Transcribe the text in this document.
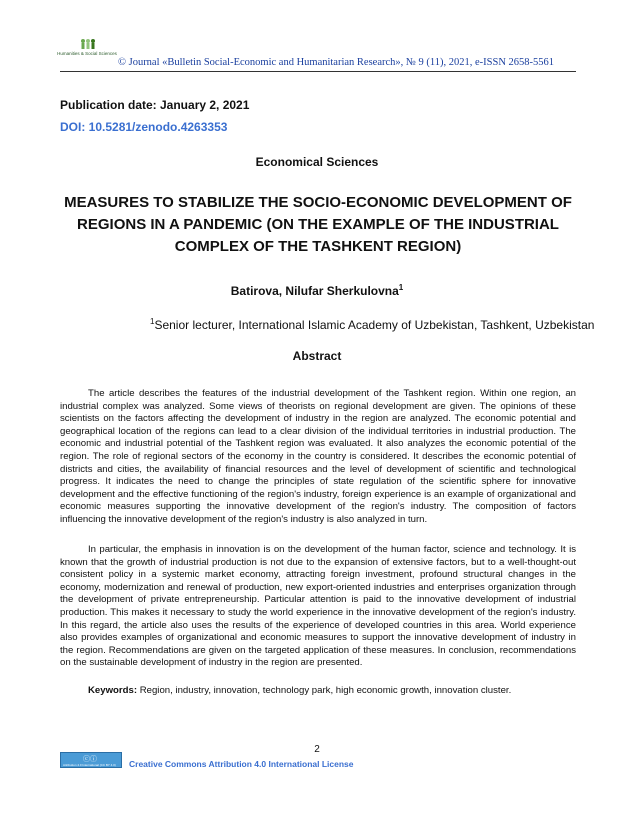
Humanities & Social Sciences
© Journal «Bulletin Social-Economic and Humanitarian Research», № 9 (11), 2021, e-ISSN 2658-5561
Publication date: January 2, 2021
DOI: 10.5281/zenodo.4263353
Economical Sciences
MEASURES TO STABILIZE THE SOCIO-ECONOMIC DEVELOPMENT OF REGIONS IN A PANDEMIC (ON THE EXAMPLE OF THE INDUSTRIAL COMPLEX OF THE TASHKENT REGION)
Batirova, Nilufar Sherkulovna$^1$
$^1$Senior lecturer, International Islamic Academy of Uzbekistan, Tashkent, Uzbekistan
Abstract

The article describes the features of the industrial development of the Tashkent region. Within one region, an industrial complex was analyzed. Some views of theorists on regional development are given. The opinions of these scientists on the factors affecting the development of industry in the region are analyzed. The economic potential and geographical location of the regions can lead to a clear division of the individual territories in industrial production. The economic and industrial potential of the Tashkent region was evaluated. It also analyzes the economic potential of the region. The role of regional sectors of the economy in the country is considered. It describes the economic potential of districts and cities, the availability of financial resources and the level of development of scientific and technological progress. It indicates the need to change the principles of state regulation of the scientific sphere for innovative development and the effective functioning of the region's industry, foreign experience is an example of organizational and economic measures supporting the innovative development of the region's industry. The composition of factors influencing the innovative development of the region's industry is also analyzed in turn.

In particular, the emphasis in innovation is on the development of the human factor, science and technology. It is known that the growth of industrial production is not due to the expansion of extensive factors, but to a well-thought-out consistent policy in a systemic market economy, attracting foreign investment, profound structural changes in the economy, modernization and renewal of production, new export-oriented industries and enterprises organization through the development of private entrepreneurship. Particular attention is paid to the innovative development of industrial production. This makes it necessary to study the world experience in the innovative development of the region's industry. In this regard, the article also uses the results of the experience of developed countries in this area. World experience also provides examples of organizational and economic measures to support the innovative development of industry in the region. Recommendations are given on the targeted application of these measures. In conclusion, recommendations on the sustainable development of industry in the region are presented.

Keywords: Region, industry, innovation, technology park, high economic growth, innovation cluster.
2
ⓒⓘ
Attribution 4.0 International (CC BY 4.0) Creative Commons Attribution 4.0 International License
